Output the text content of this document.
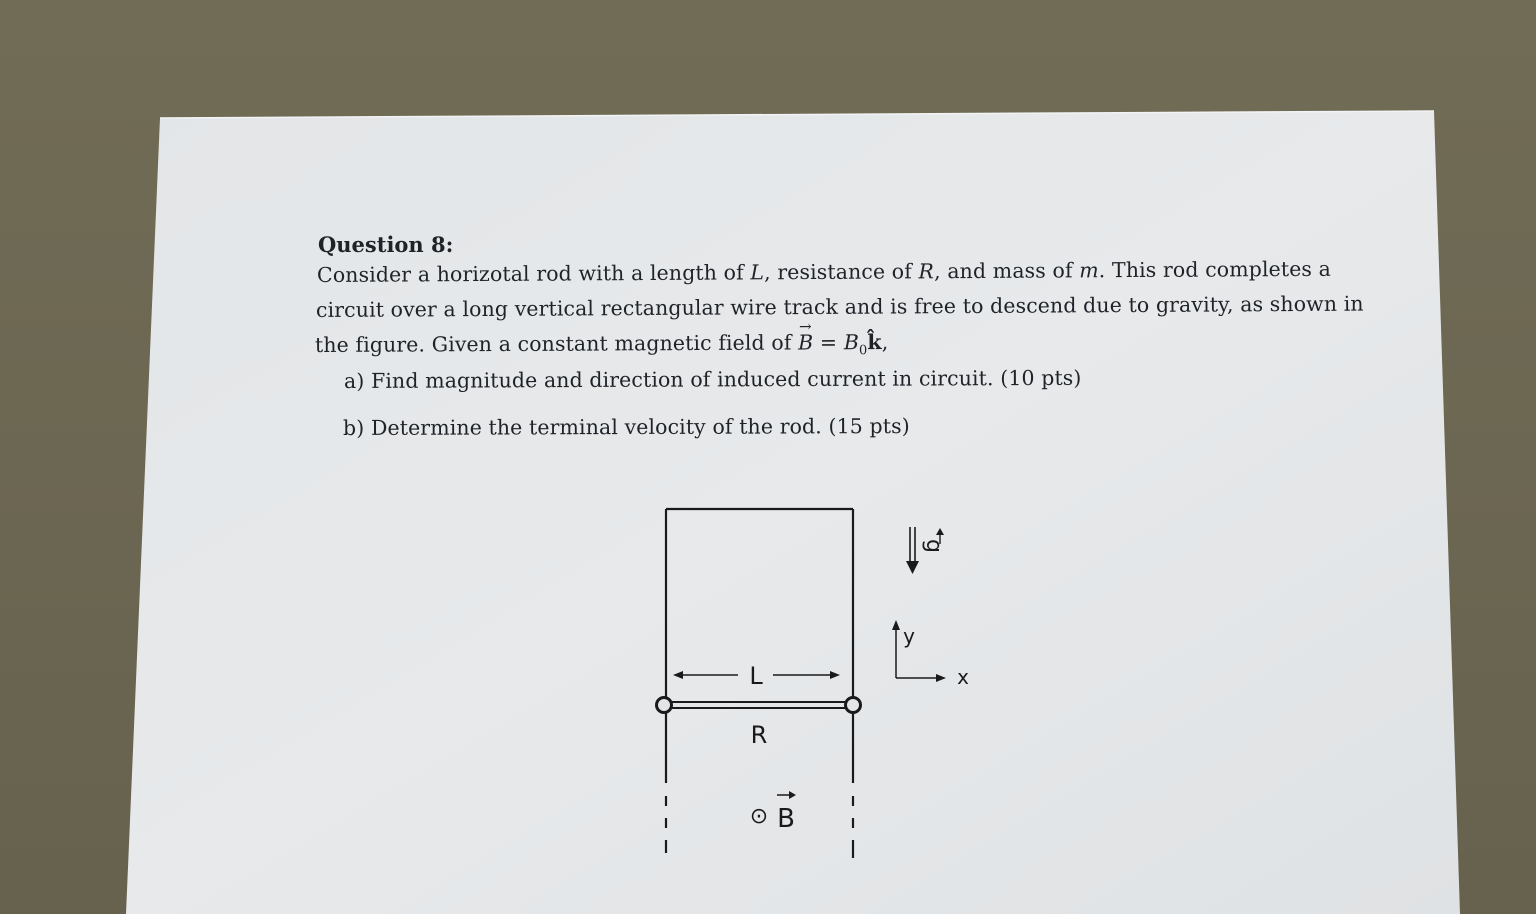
Question 8:
Consider a horizotal rod with a length of L, resistance of R, and mass of m. This rod completes a
circuit over a long vertical rectangular wire track and is free to descend due to gravity, as shown in
the figure. Given a constant magnetic field of B
→
= $B_0k̂$,
a) Find magnitude and direction of induced current in circuit. (10 pts)
b) Determine the terminal velocity of the rod. (15 pts)
L
R
⊙ B
g
y
x
